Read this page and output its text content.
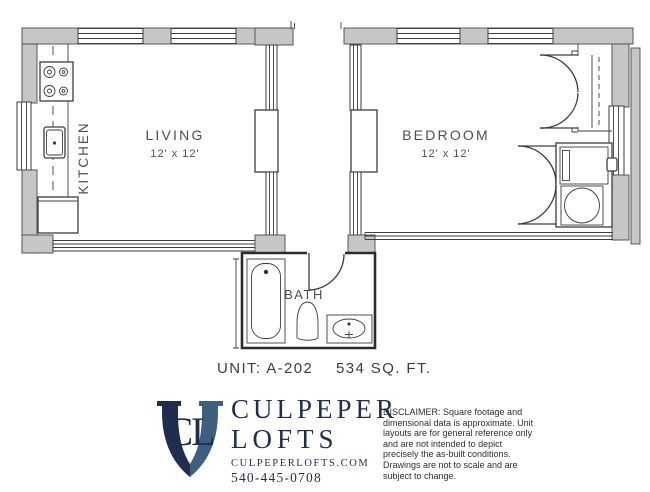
KITCHEN	LIVING
12' x 12'
BEDROOM
12' x 12'
BATH
UNIT: A-202 534 SQ. FT.
CL CULPEPER
LOFTS
CULPEPERLOFTS.COM
540-445-0708
DISCLAIMER: Square footage and dimensional data is approximate. Unit layouts are for general reference only and are not intended to depict precisely the as-built conditions. Drawings are not to scale and are subject to change.
